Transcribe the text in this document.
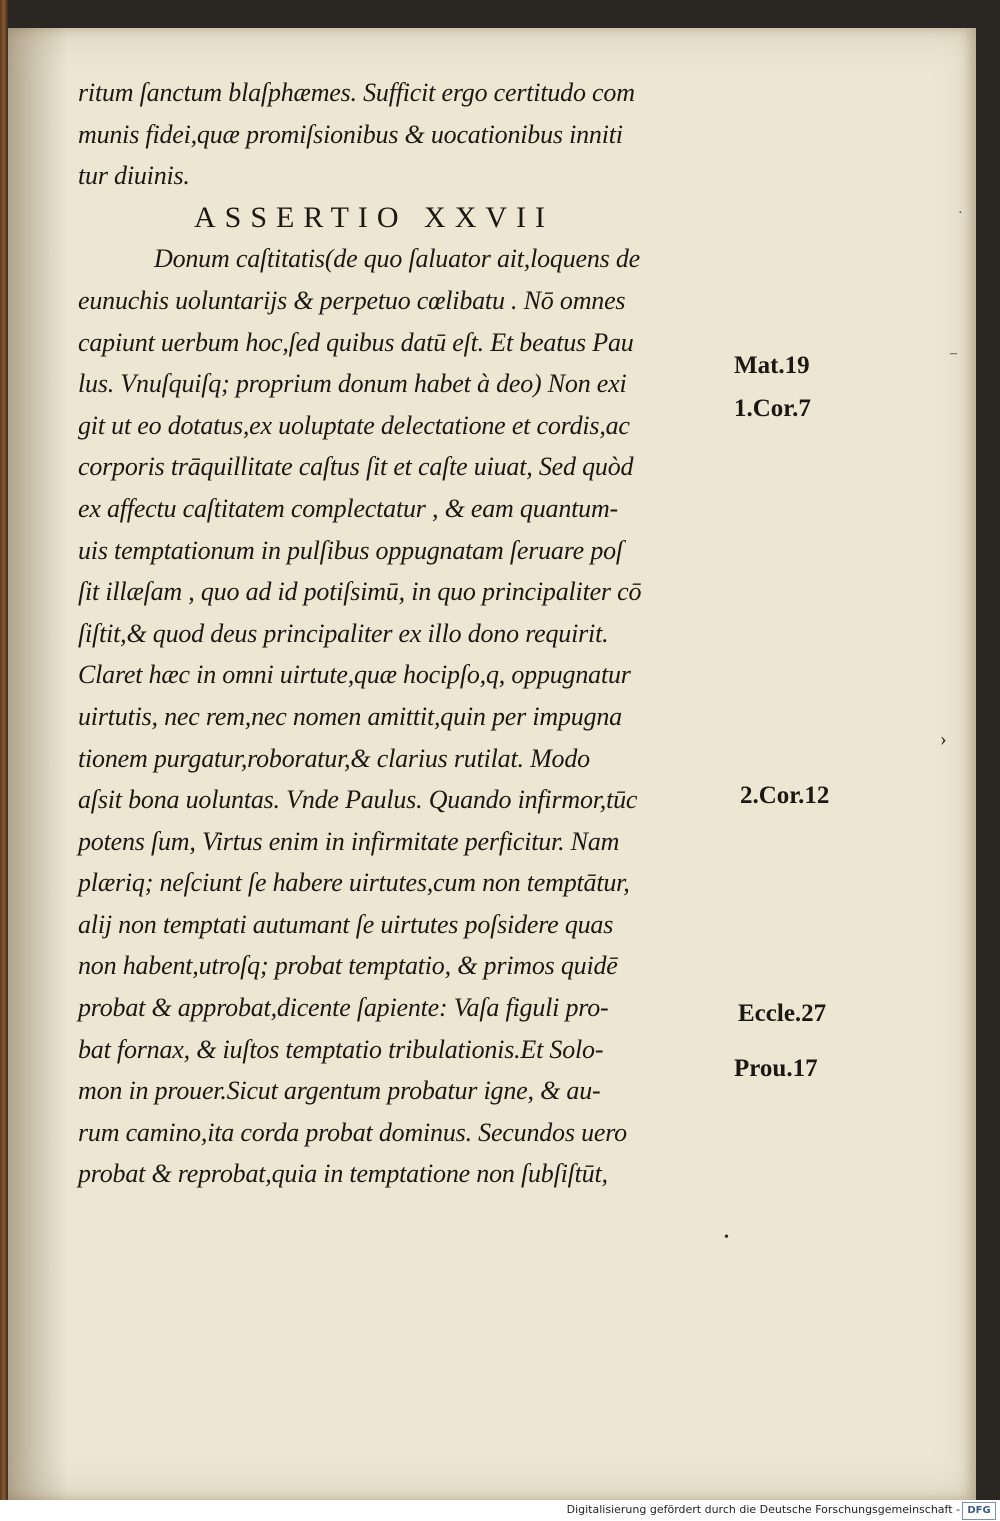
ritum ſanctum blaſphæmes. Sufficit ergo certitudo com
munis fidei,quæ promiſsionibus & uocationibus inniti
tur diuinis.
ASSERTIO XXVII
Donum caſtitatis(de quo ſaluator ait,loquens de
eunuchis uoluntarijs & perpetuo cœlibatu . Nō omnes
capiunt uerbum hoc,ſed quibus datū eſt. Et beatus Pau
lus. Vnuſquiſq; proprium donum habet à deo) Non exi
git ut eo dotatus,ex uoluptate delectatione et cordis,ac
corporis trāquillitate caſtus ſit et caſte uiuat, Sed quòd
ex affectu caſtitatem complectatur , & eam quantum-
uis temptationum in pulſibus oppugnatam ſeruare poſ
ſit illæſam , quo ad id potiſsimū, in quo principaliter cō
ſiſtit,& quod deus principaliter ex illo dono requirit.
Claret hæc in omni uirtute,quæ hocipſo,q, oppugnatur
uirtutis, nec rem,nec nomen amittit,quin per impugna
tionem purgatur,roboratur,& clarius rutilat. Modo
aſsit bona uoluntas. Vnde Paulus. Quando infirmor,tūc
potens ſum, Virtus enim in infirmitate perficitur. Nam
plæriq; neſciunt ſe habere uirtutes,cum non temptātur,
alij non temptati autumant ſe uirtutes poſsidere quas
non habent,utroſq; probat temptatio, & primos quidē
probat & approbat,dicente ſapiente: Vaſa figuli pro-
bat fornax, & iuſtos temptatio tribulationis.Et Solo-
mon in prouer.Sicut argentum probatur igne, & au-
rum camino,ita corda probat dominus. Secundos uero
probat & reprobat,quia in temptatione non ſubſiſtūt,
Mat.19
1.Cor.7
2.Cor.12
Eccle.27
Prou.17
·
–
›
•
Digitalisierung gefördert durch die Deutsche Forschungsgemeinschaft - DFG
